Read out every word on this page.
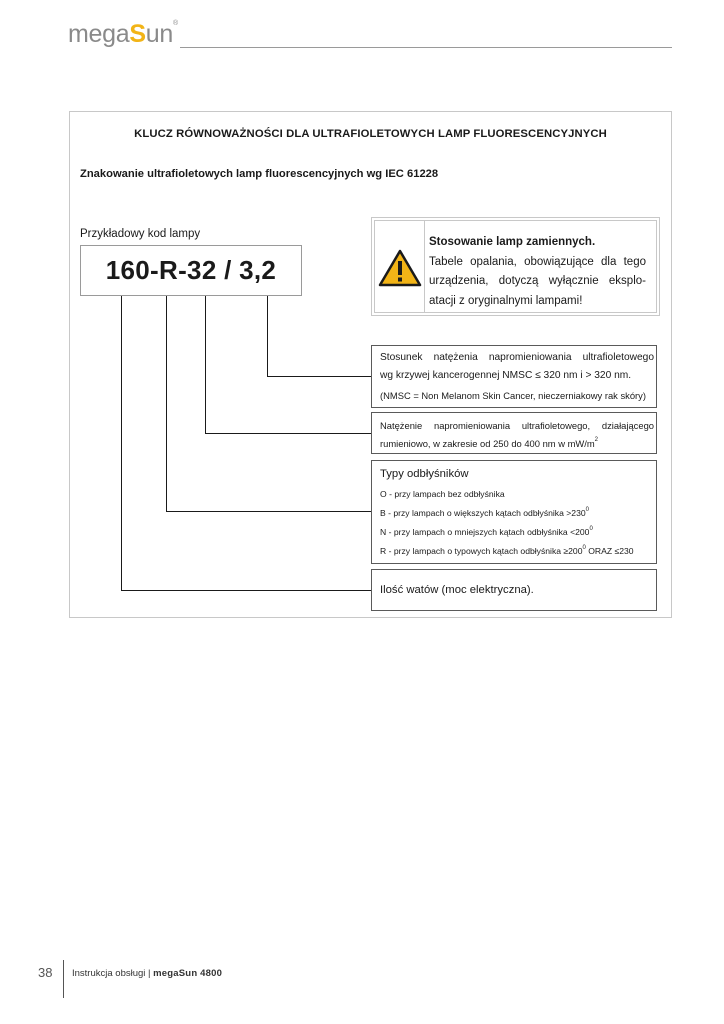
megaSun®
KLUCZ RÓWNOWAŻNOŚCI DLA ULTRAFIOLETOWYCH LAMP FLUORESCENCYJNYCH
Znakowanie ultrafioletowych lamp fluorescencyjnych wg IEC 61228
Przykładowy kod lampy
160-R-32 / 3,2
Stosowanie lamp zamiennych.
Tabele opalania, obowiązujące dla tego urządzenia, dotyczą wyłącznie eksplo-atacji z oryginalnymi lampami!
Stosunek natężenia napromieniowania ultrafioletowego
wg krzywej kancerogennej NMSC ≤ 320 nm i > 320 nm.
(NMSC = Non Melanom Skin Cancer, nieczerniakowy rak skóry)
Natężenie napromieniowania ultrafioletowego, działającego
rumieniowo, w zakresie od 250 do 400 nm w $mW/m^2$
Typy odbłyśników
O - przy lampach bez odbłyśnika
B - przy lampach o większych kątach odbłyśnika $>230^0$
N - przy lampach o mniejszych kątach odbłyśnika $<200^0$
R - przy lampach o typowych kątach odbłyśnika $\ge 200^0$ ORAZ ≤230
Ilość watów (moc elektryczna).
38 Instrukcja obsługi | megaSun 4800
